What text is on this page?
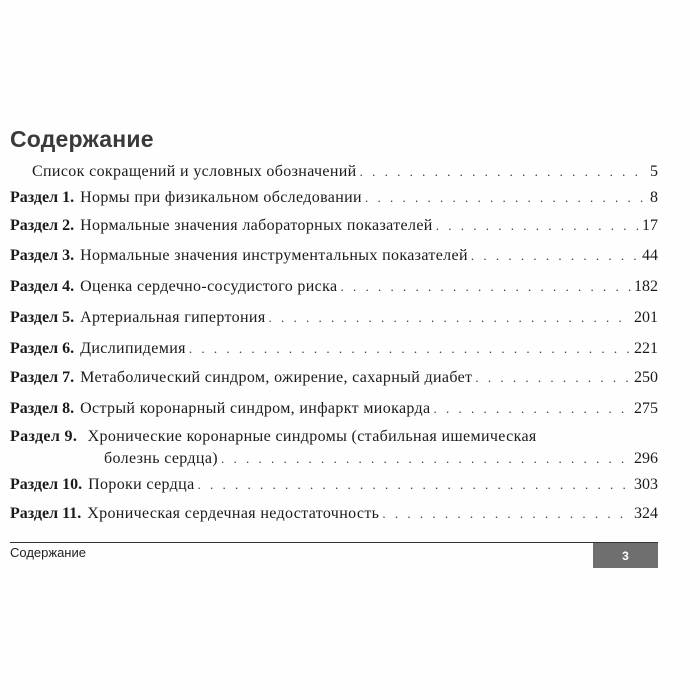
Содержание
Список сокращений и условных обозначений . . .	5
Раздел 1. Нормы при физикальном обследовании . . .	8
Раздел 2. Нормальные значения лабораторных показателей . . .	17
Раздел 3. Нормальные значения инструментальных показателей . . .	44
Раздел 4. Оценка сердечно-сосудистого риска . . .	182
Раздел 5. Артериальная гипертония . . .	201
Раздел 6. Дислипидемия . . .	221
Раздел 7. Метаболический синдром, ожирение, сахарный диабет . . .	250
Раздел 8. Острый коронарный синдром, инфаркт миокарда . . .	275
Раздел 9. Хронические коронарные синдромы (стабильная ишемическая
болезнь сердца) . . .	296
Раздел 10. Пороки сердца . . .	303
Раздел 11. Хроническая сердечная недостаточность . . .	324
Содержание	3
